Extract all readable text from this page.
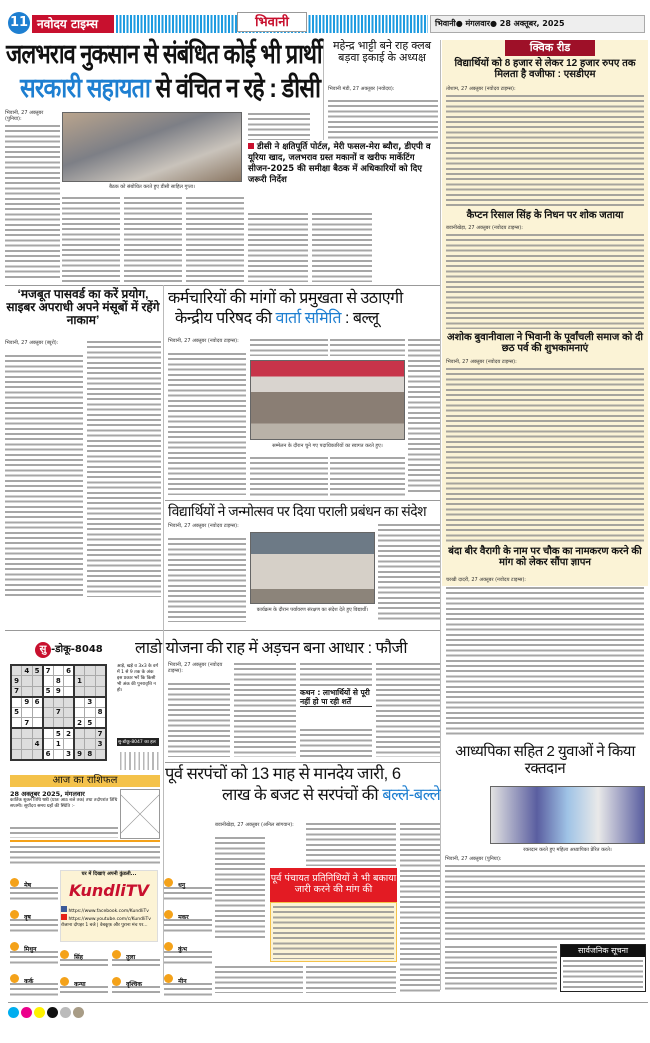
11 नवोदय टाइम्स	भिवानी	भिवानी● मंगलवार● 28 अक्तूबर, 2025
जलभराव नुकसान से संबंधित कोई भी प्रार्थी
सरकारी सहायता से वंचित न रहे : डीसी
भिवानी, 27 अक्तूबर (पुनिया):
बैठक को संबोधित करते हुए डीसी साहिल गुप्ता।
डीसी ने क्षतिपूर्ति पोर्टल, मेरी फसल-मेरा ब्यौरा, डीएपी व यूरिया खाद, जलभराव ग्रस्त मकानों व खरीफ मार्केटिंग सीजन-2025 की समीक्षा बैठक में अधिकारियों को दिए जरूरी निर्देश
महेन्द्र भाट्टी बने राह क्लब बड़वा इकाई के अध्यक्ष
भिवानी मंडी, 27 अक्तूबर (नवोदय):
क्विक रीड
विद्यार्थियों को 8 हजार से लेकर 12 हजार रुपए तक मिलता है वजीफा : एसडीएम
तोशाम, 27 अक्तूबर (नवोदय टाइम्स):
कैप्टन रिसाल सिंह के निधन पर शोक जताया
बवानीखेड़ा, 27 अक्तूबर (नवोदय टाइम्स):
अशोक बुवानीवाला ने भिवानी के पूर्वांचली समाज को दी छठ पर्व की शुभकामनाएं
भिवानी, 27 अक्तूबर (नवोदय टाइम्स):
बंदा बीर वैरागी के नाम पर चौक का नामकरण करने की मांग को लेकर सौंपा ज्ञापन
चरखी दादरी, 27 अक्तूबर (नवोदय टाइम्स):
‘मजबूत पासवर्ड का करें प्रयोग, साइबर अपराधी अपने मंसूबों में रहेंगे नाकाम’
भिवानी, 27 अक्तूबर (ब्यूरो):
कर्मचारियों की मांगों को प्रमुखता से उठाएगी
केन्द्रीय परिषद की वार्ता समिति : बल्लू
भिवानी, 27 अक्तूबर (नवोदय टाइम्स):
सम्मेलन के दौरान चुने गए पदाधिकारियों का स्वागत करते हुए।
विद्यार्थियों ने जन्मोत्सव पर दिया पराली प्रबंधन का संदेश
भिवानी, 27 अक्तूबर (नवोदय टाइम्स):
कार्यक्रम के दौरान पर्यावरण संरक्षण का संदेश देते हुए विद्यार्थी।
सु -डोकू-8048
	4	5	7		6			
9				8		1		
7			5	9				
	9	6					3	
5				7				8
	7					2	5	
				5	2			7
		4		1				3
			6		3	9	8	
आड़े, खड़े व 3x3 के वर्ग में 1 से 9 तक के अंक इस प्रकार भरें कि किसी भी अंक की पुनरावृत्ति न हो।
सु-डोकू-8047 का हल
लाडो योजना की राह में अड़चन बना आधार : फौजी
भिवानी, 27 अक्तूबर (नवोदय टाइम्स):
कथन : लाभार्थियों से पूरी नहीं हो पा रही शर्तें
आज का राशिफल
28 अक्तूबर 2025, मंगलवार
कार्तिक शुक्ल तिथि षष्ठी (प्रातः आठ बजे तक) तथा तदोपरांत तिथि सप्तमी। सूर्योदय समय ग्रहों की स्थिति :-
मेष
वृष
मिथुन
कर्क
सिंह
कन्या
तुला
वृश्चिक
धनु
मकर
कुंभ
मीन
घर में दिखाएं अपनी कुंडली...
KundliTV
https://www.facebook.com/KundliTv
https://www.youtube.com/c/KundliTv
रोजाना दोपहर 1 बजे | वेबकूफ़ और पुराना मंच पर...
पूर्व सरपंचों को 13 माह से मानदेय जारी, 6
लाख के बजट से सरपंचों की बल्ले-बल्ले
बवानीखेड़ा, 27 अक्तूबर (अनिल सांगवान):
पूर्व पंचायत प्रतिनिधियों ने भी बकाया जारी करने की मांग की
आध्यपिका सहित 2 युवाओं ने किया रक्तदान
रक्तदान करते हुए महिला अध्यापिका प्रेरित करते।
भिवानी, 27 अक्तूबर (पुनिया):
सार्वजनिक सूचना
